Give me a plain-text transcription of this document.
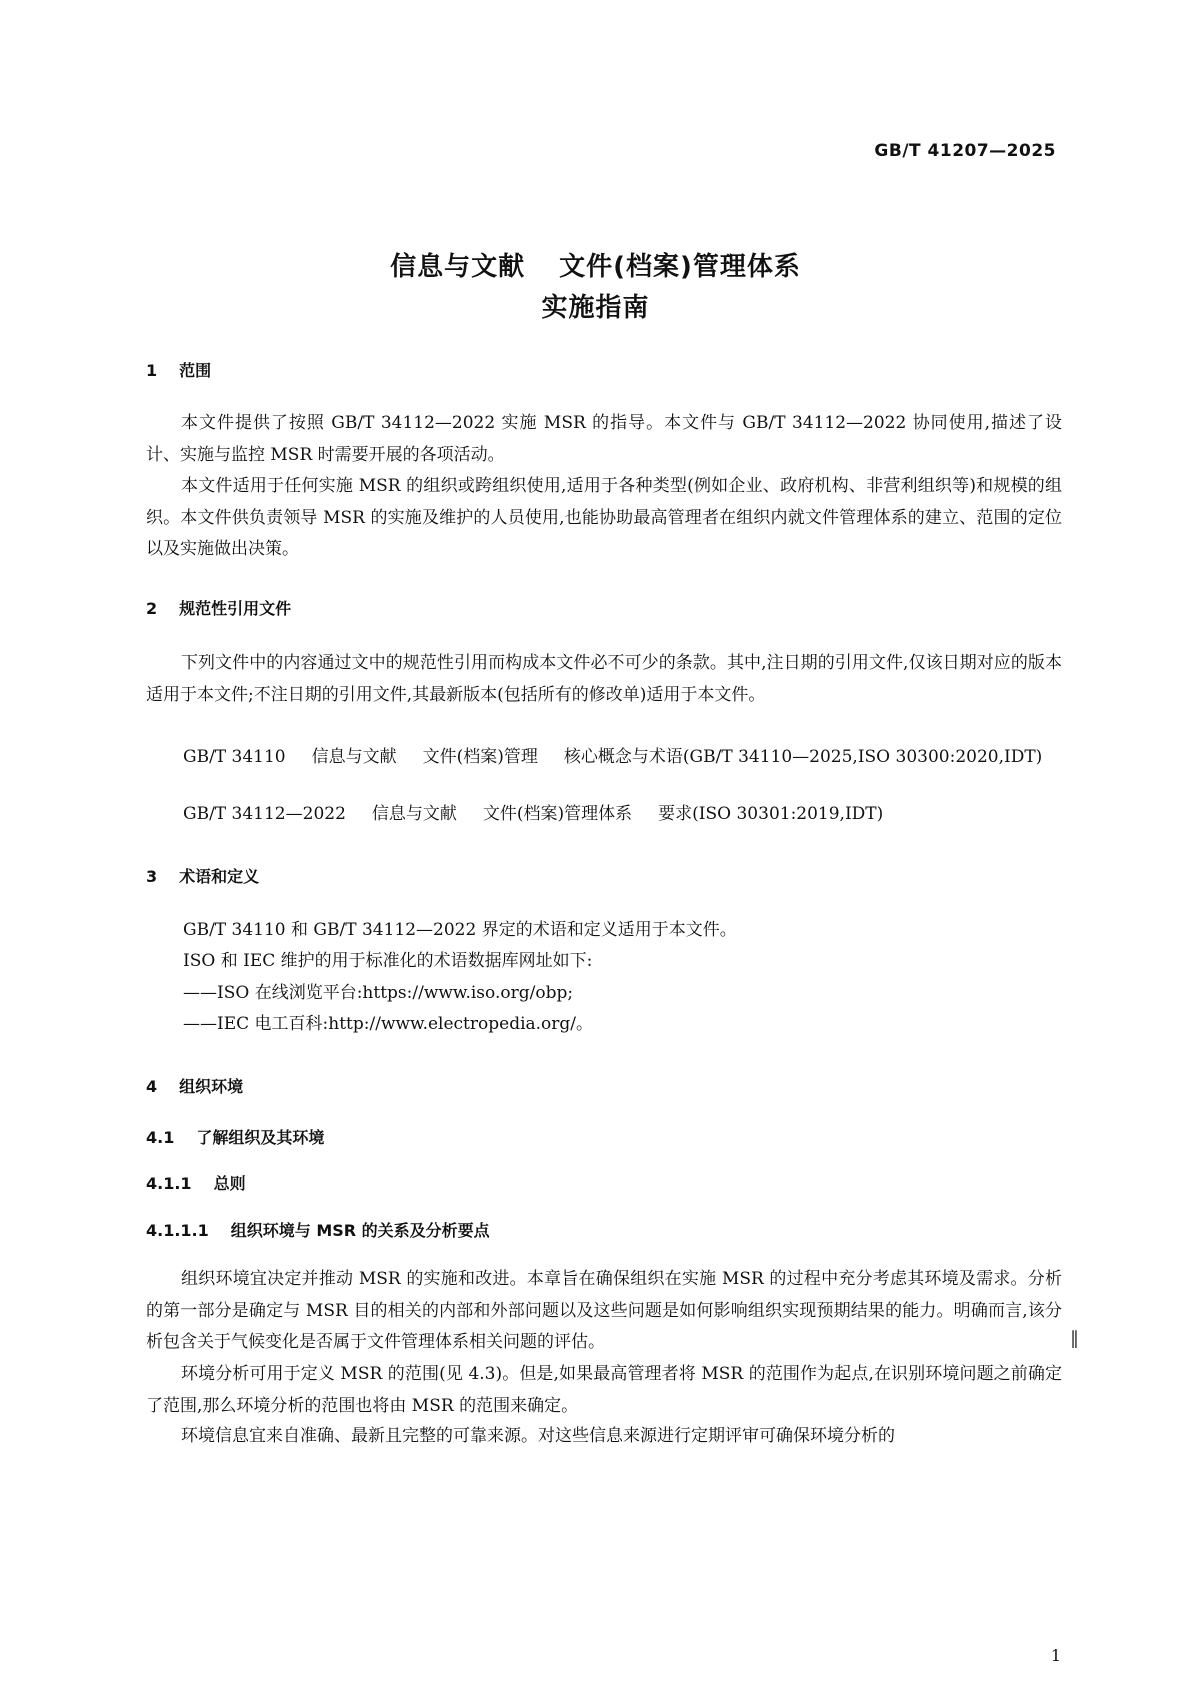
GB/T 41207—2025
信息与文献 文件(档案)管理体系
实施指南
1 范围
本文件提供了按照 GB/T 34112—2022 实施 MSR 的指导。本文件与 GB/T 34112—2022 协同使用,描述了设计、实施与监控 MSR 时需要开展的各项活动。
本文件适用于任何实施 MSR 的组织或跨组织使用,适用于各种类型(例如企业、政府机构、非营利组织等)和规模的组织。本文件供负责领导 MSR 的实施及维护的人员使用,也能协助最高管理者在组织内就文件管理体系的建立、范围的定位以及实施做出决策。
2 规范性引用文件
下列文件中的内容通过文中的规范性引用而构成本文件必不可少的条款。其中,注日期的引用文件,仅该日期对应的版本适用于本文件;不注日期的引用文件,其最新版本(包括所有的修改单)适用于本文件。
GB/T 34110 信息与文献 文件(档案)管理 核心概念与术语(GB/T 34110—2025,ISO 30300:2020,IDT)
GB/T 34112—2022 信息与文献 文件(档案)管理体系 要求(ISO 30301:2019,IDT)
3 术语和定义
GB/T 34110 和 GB/T 34112—2022 界定的术语和定义适用于本文件。
ISO 和 IEC 维护的用于标准化的术语数据库网址如下:
——ISO 在线浏览平台:https://www.iso.org/obp;
——IEC 电工百科:http://www.electropedia.org/。
4 组织环境
4.1 了解组织及其环境
4.1.1 总则
4.1.1.1 组织环境与 MSR 的关系及分析要点
组织环境宜决定并推动 MSR 的实施和改进。本章旨在确保组织在实施 MSR 的过程中充分考虑其环境及需求。分析的第一部分是确定与 MSR 目的相关的内部和外部问题以及这些问题是如何影响组织实现预期结果的能力。明确而言,该分析包含关于气候变化是否属于文件管理体系相关问题的评估。
环境分析可用于定义 MSR 的范围(见 4.3)。但是,如果最高管理者将 MSR 的范围作为起点,在识别环境问题之前确定了范围,那么环境分析的范围也将由 MSR 的范围来确定。
环境信息宜来自准确、最新且完整的可靠来源。对这些信息来源进行定期评审可确保环境分析的
‖
1
